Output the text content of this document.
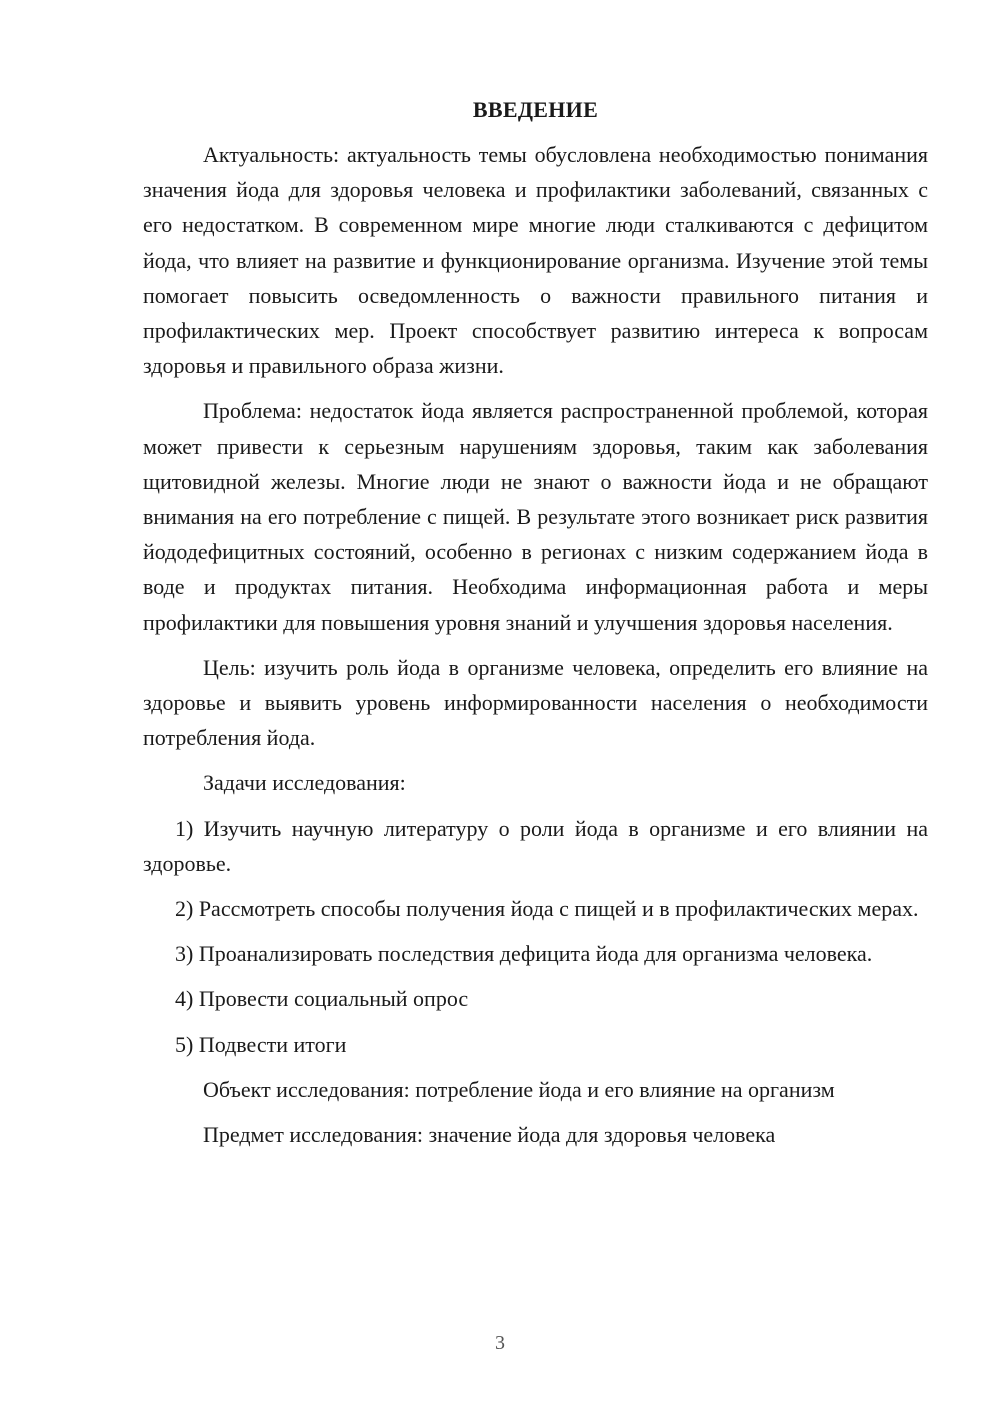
ВВЕДЕНИЕ

Актуальность: актуальность темы обусловлена необходимостью понимания значения йода для здоровья человека и профилактики заболеваний, связанных с его недостатком. В современном мире многие люди сталкиваются с дефицитом йода, что влияет на развитие и функционирование организма. Изучение этой темы помогает повысить осведомленность о важности правильного питания и профилактических мер. Проект способствует развитию интереса к вопросам здоровья и правильного образа жизни.

Проблема: недостаток йода является распространенной проблемой, которая может привести к серьезным нарушениям здоровья, таким как заболевания щитовидной железы. Многие люди не знают о важности йода и не обращают внимания на его потребление с пищей. В результате этого возникает риск развития йододефицитных состояний, особенно в регионах с низким содержанием йода в воде и продуктах питания. Необходима информационная работа и меры профилактики для повышения уровня знаний и улучшения здоровья населения.

Цель: изучить роль йода в организме человека, определить его влияние на здоровье и выявить уровень информированности населения о необходимости потребления йода.

Задачи исследования:

1) Изучить научную литературу о роли йода в организме и его влиянии на здоровье.

2) Рассмотреть способы получения йода с пищей и в профилактических мерах.

3) Проанализировать последствия дефицита йода для организма человека.

4) Провести социальный опрос

5) Подвести итоги

Объект исследования: потребление йода и его влияние на организм

Предмет исследования: значение йода для здоровья человека

3
